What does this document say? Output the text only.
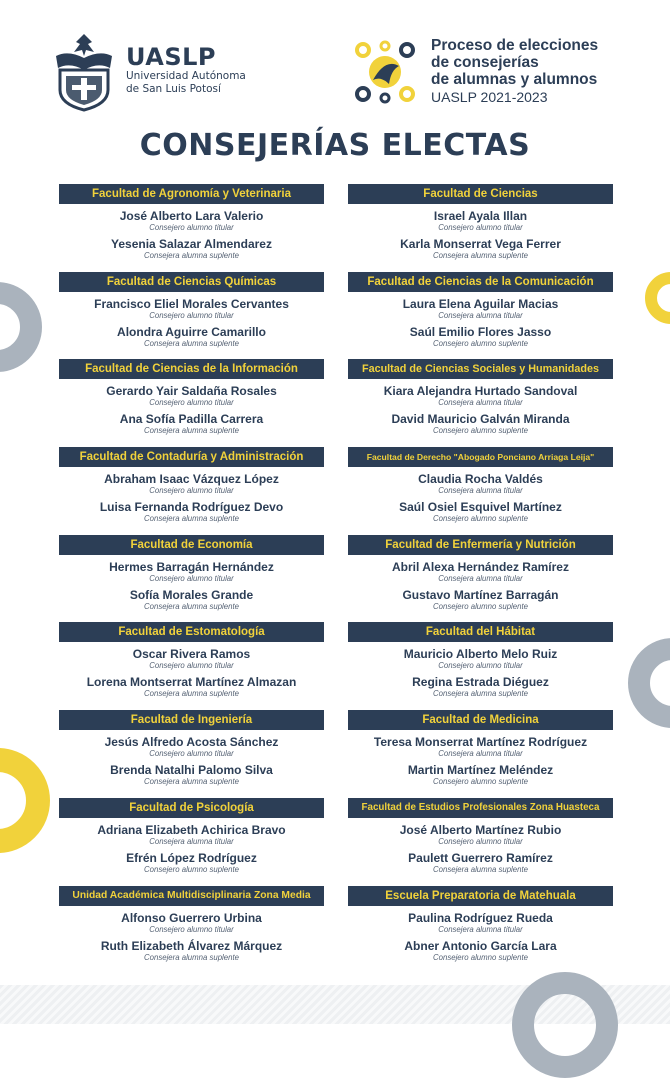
UASLP
Universidad Autónoma
de San Luis Potosí
Proceso de elecciones
de consejerías
de alumnas y alumnos
UASLP 2021-2023
CONSEJERÍAS ELECTAS
Facultad de Agronomía y Veterinaria
José Alberto Lara Valerio
Consejero alumno titular
Yesenia Salazar Almendarez
Consejera alumna suplente
Facultad de Ciencias Químicas
Francisco Eliel Morales Cervantes
Consejero alumno titular
Alondra Aguirre Camarillo
Consejera alumna suplente
Facultad de Ciencias de la Información
Gerardo Yair Saldaña Rosales
Consejero alumno titular
Ana Sofía Padilla Carrera
Consejera alumna suplente
Facultad de Contaduría y Administración
Abraham Isaac Vázquez López
Consejero alumno titular
Luisa Fernanda Rodríguez Devo
Consejera alumna suplente
Facultad de Economía
Hermes Barragán Hernández
Consejero alumno titular
Sofía Morales Grande
Consejera alumna suplente
Facultad de Estomatología
Oscar Rivera Ramos
Consejero alumno titular
Lorena Montserrat Martínez Almazan
Consejera alumna suplente
Facultad de Ingeniería
Jesús Alfredo Acosta Sánchez
Consejero alumno titular
Brenda Natalhi Palomo Silva
Consejera alumna suplente
Facultad de Psicología
Adriana Elizabeth Achirica Bravo
Consejera alumna titular
Efrén López Rodríguez
Consejero alumno suplente
Unidad Académica Multidisciplinaria Zona Media
Alfonso Guerrero Urbina
Consejero alumno titular
Ruth Elizabeth Álvarez Márquez
Consejera alumna suplente
Facultad de Ciencias
Israel Ayala Illan
Consejero alumno titular
Karla Monserrat Vega Ferrer
Consejera alumna suplente
Facultad de Ciencias de la Comunicación
Laura Elena Aguilar Macias
Consejera alumna titular
Saúl Emilio Flores Jasso
Consejero alumno suplente
Facultad de Ciencias Sociales y Humanidades
Kiara Alejandra Hurtado Sandoval
Consejera alumna titular
David Mauricio Galván Miranda
Consejero alumno suplente
Facultad de Derecho "Abogado Ponciano Arriaga Leija"
Claudia Rocha Valdés
Consejera alumna titular
Saúl Osiel Esquivel Martínez
Consejero alumno suplente
Facultad de Enfermería y Nutrición
Abril Alexa Hernández Ramírez
Consejera alumna titular
Gustavo Martínez Barragán
Consejero alumno suplente
Facultad del Hábitat
Mauricio Alberto Melo Ruiz
Consejero alumno titular
Regina Estrada Diéguez
Consejera alumna suplente
Facultad de Medicina
Teresa Monserrat Martínez Rodríguez
Consejera alumna titular
Martin Martínez Meléndez
Consejero alumno suplente
Facultad de Estudios Profesionales Zona Huasteca
José Alberto Martínez Rubio
Consejero alumno titular
Paulett Guerrero Ramírez
Consejera alumna suplente
Escuela Preparatoria de Matehuala
Paulina Rodríguez Rueda
Consejera alumna titular
Abner Antonio García Lara
Consejero alumno suplente
